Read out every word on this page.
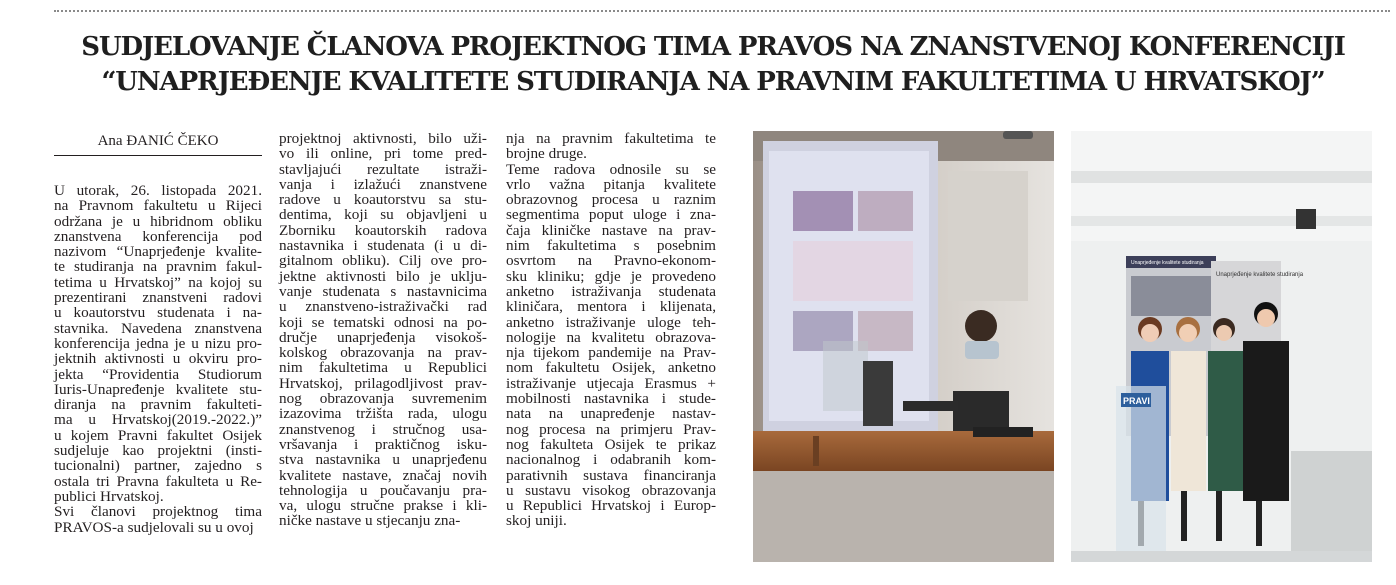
SUDJELOVANJE ČLANOVA PROJEKTNOG TIMA PRAVOS NA ZNANSTVENOJ KONFERENCIJI
“UNAPRJEĐENJE KVALITETE STUDIRANJA NA PRAVNIM FAKULTETIMA U HRVATSKOJ”
Ana ĐANIĆ ČEKO
U utorak, 26. listopada 2021.
na Pravnom fakultetu u Rijeci
održana je u hibridnom obliku
znanstvena konferencija pod
nazivom “Unaprjeđenje kvalite-
te studiranja na pravnim fakul-
tetima u Hrvatskoj” na kojoj su
prezentirani znanstveni radovi
u koautorstvu studenata i na-
stavnika. Navedena znanstvena
konferencija jedna je u nizu pro-
jektnih aktivnosti u okviru pro-
jekta “Providentia Studiorum
Iuris-Unapređenje kvalitete stu-
diranja na pravnim fakulteti-
ma u Hrvatskoj(2019.-2022.)”
u kojem Pravni fakultet Osijek
sudjeluje kao projektni (insti-
tucionalni) partner, zajedno s
ostala tri Pravna fakulteta u Re-
publici Hrvatskoj.
Svi članovi projektnog tima
PRAVOS-a sudjelovali su u ovoj
projektnoj aktivnosti, bilo uži-
vo ili online, pri tome pred-
stavljajući rezultate istraži-
vanja i izlažući znanstvene
radove u koautorstvu sa stu-
dentima, koji su objavljeni u
Zborniku koautorskih radova
nastavnika i studenata (i u di-
gitalnom obliku). Cilj ove pro-
jektne aktivnosti bilo je uklju-
vanje studenata s nastavnicima
u znanstveno-istraživački rad
koji se tematski odnosi na po-
dručje unaprjeđenja visokoš-
kolskog obrazovanja na prav-
nim fakultetima u Republici
Hrvatskoj, prilagodljivost prav-
nog obrazovanja suvremenim
izazovima tržišta rada, ulogu
znanstvenog i stručnog usa-
vršavanja i praktičnog isku-
stva nastavnika u unaprjeđenu
kvalitete nastave, značaj novih
tehnologija u poučavanju pra-
va, ulogu stručne prakse i kli-
ničke nastave u stjecanju zna-
nja na pravnim fakultetima te
brojne druge.
Teme radova odnosile su se
vrlo važna pitanja kvalitete
obrazovnog procesa u raznim
segmentima poput uloge i zna-
čaja kliničke nastave na prav-
nim fakultetima s posebnim
osvrtom na Pravno-ekonom-
sku kliniku; gdje je provedeno
anketno istraživanja studenata
kliničara, mentora i klijenata,
anketno istraživanje uloge teh-
nologije na kvalitetu obrazova-
nja tijekom pandemije na Prav-
nom fakultetu Osijek, anketno
istraživanje utjecaja Erasmus +
mobilnosti nastavnika i stude-
nata na unapređenje nastav-
nog procesa na primjeru Prav-
nog fakulteta Osijek te prikaz
nacionalnog i odabranih kom-
parativnih sustava financiranja
u sustavu visokog obrazovanja
u Republici Hrvatskoj i Europ-
skoj uniji.
Unaprjeđenje kvalitete studiranja
Unaprjeđenje kvalitete studiranja
PRAVI
